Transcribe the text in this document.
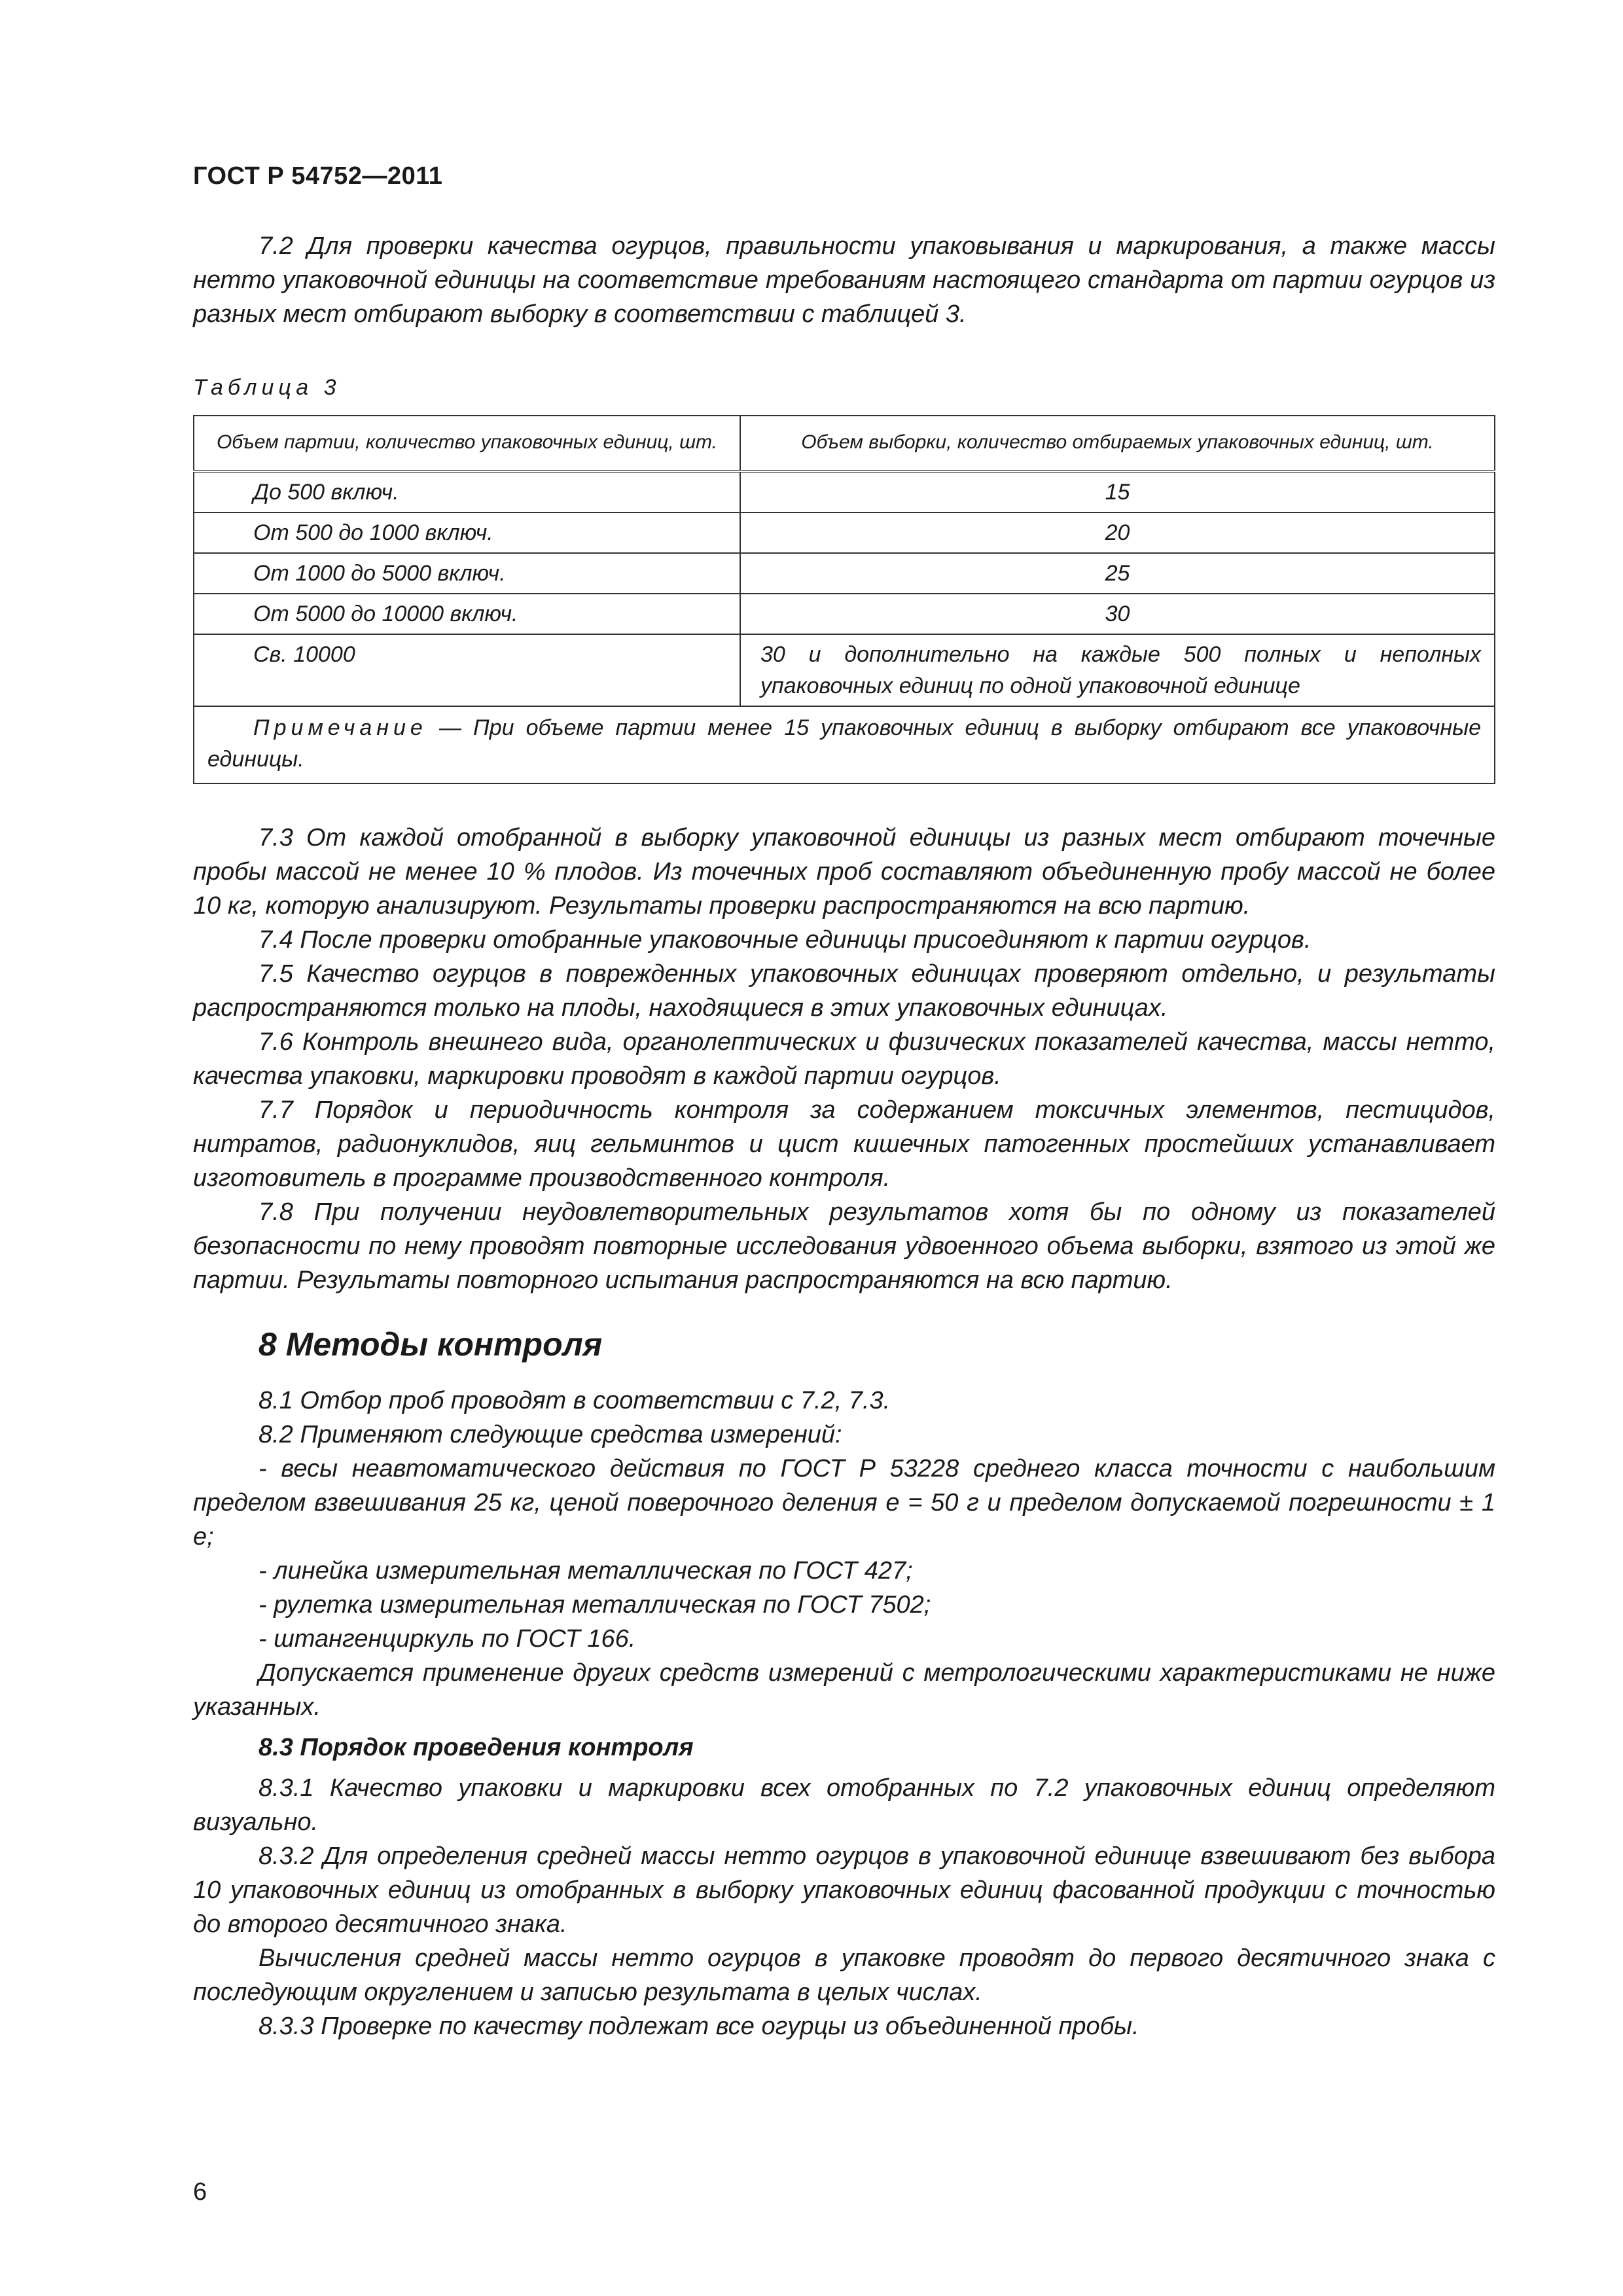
ГОСТ Р 54752—2011

7.2 Для проверки качества огурцов, правильности упаковывания и маркирования, а также массы нетто упаковочной единицы на соответствие требованиям настоящего стандарта от партии огурцов из разных мест отбирают выборку в соответствии с таблицей 3.

Таблица 3
Объем партии, количество упаковочных единиц, шт.	Объем выборки, количество отбираемых упаковочных единиц, шт.
До 500 включ.	15
От 500 до 1000 включ.	20
От 1000 до 5000 включ.	25
От 5000 до 10000 включ.	30
Св. 10000	30 и дополнительно на каждые 500 полных и неполных упаковочных единиц по одной упаковочной единице
Примечание — При объеме партии менее 15 упаковочных единиц в выборку отбирают все упаковочные единицы.	

7.3 От каждой отобранной в выборку упаковочной единицы из разных мест отбирают точечные пробы массой не менее 10 % плодов. Из точечных проб составляют объединенную пробу массой не более 10 кг, которую анализируют. Результаты проверки распространяются на всю партию.

7.4 После проверки отобранные упаковочные единицы присоединяют к партии огурцов.

7.5 Качество огурцов в поврежденных упаковочных единицах проверяют отдельно, и результаты распространяются только на плоды, находящиеся в этих упаковочных единицах.

7.6 Контроль внешнего вида, органолептических и физических показателей качества, массы нетто, качества упаковки, маркировки проводят в каждой партии огурцов.

7.7 Порядок и периодичность контроля за содержанием токсичных элементов, пестицидов, нитратов, радионуклидов, яиц гельминтов и цист кишечных патогенных простейших устанавливает изготовитель в программе производственного контроля.

7.8 При получении неудовлетворительных результатов хотя бы по одному из показателей безопасности по нему проводят повторные исследования удвоенного объема выборки, взятого из этой же партии. Результаты повторного испытания распространяются на всю партию.

8 Методы контроля

8.1 Отбор проб проводят в соответствии с 7.2, 7.3.

8.2 Применяют следующие средства измерений:

- весы неавтоматического действия по ГОСТ Р 53228 среднего класса точности с наибольшим пределом взвешивания 25 кг, ценой поверочного деления е = 50 г и пределом допускаемой погрешности ± 1 е;

- линейка измерительная металлическая по ГОСТ 427;

- рулетка измерительная металлическая по ГОСТ 7502;

- штангенциркуль по ГОСТ 166.

Допускается применение других средств измерений с метрологическими характеристиками не ниже указанных.

8.3 Порядок проведения контроля

8.3.1 Качество упаковки и маркировки всех отобранных по 7.2 упаковочных единиц определяют визуально.

8.3.2 Для определения средней массы нетто огурцов в упаковочной единице взвешивают без выбора 10 упаковочных единиц из отобранных в выборку упаковочных единиц фасованной продукции с точностью до второго десятичного знака.

Вычисления средней массы нетто огурцов в упаковке проводят до первого десятичного знака с последующим округлением и записью результата в целых числах.

8.3.3 Проверке по качеству подлежат все огурцы из объединенной пробы.

6
